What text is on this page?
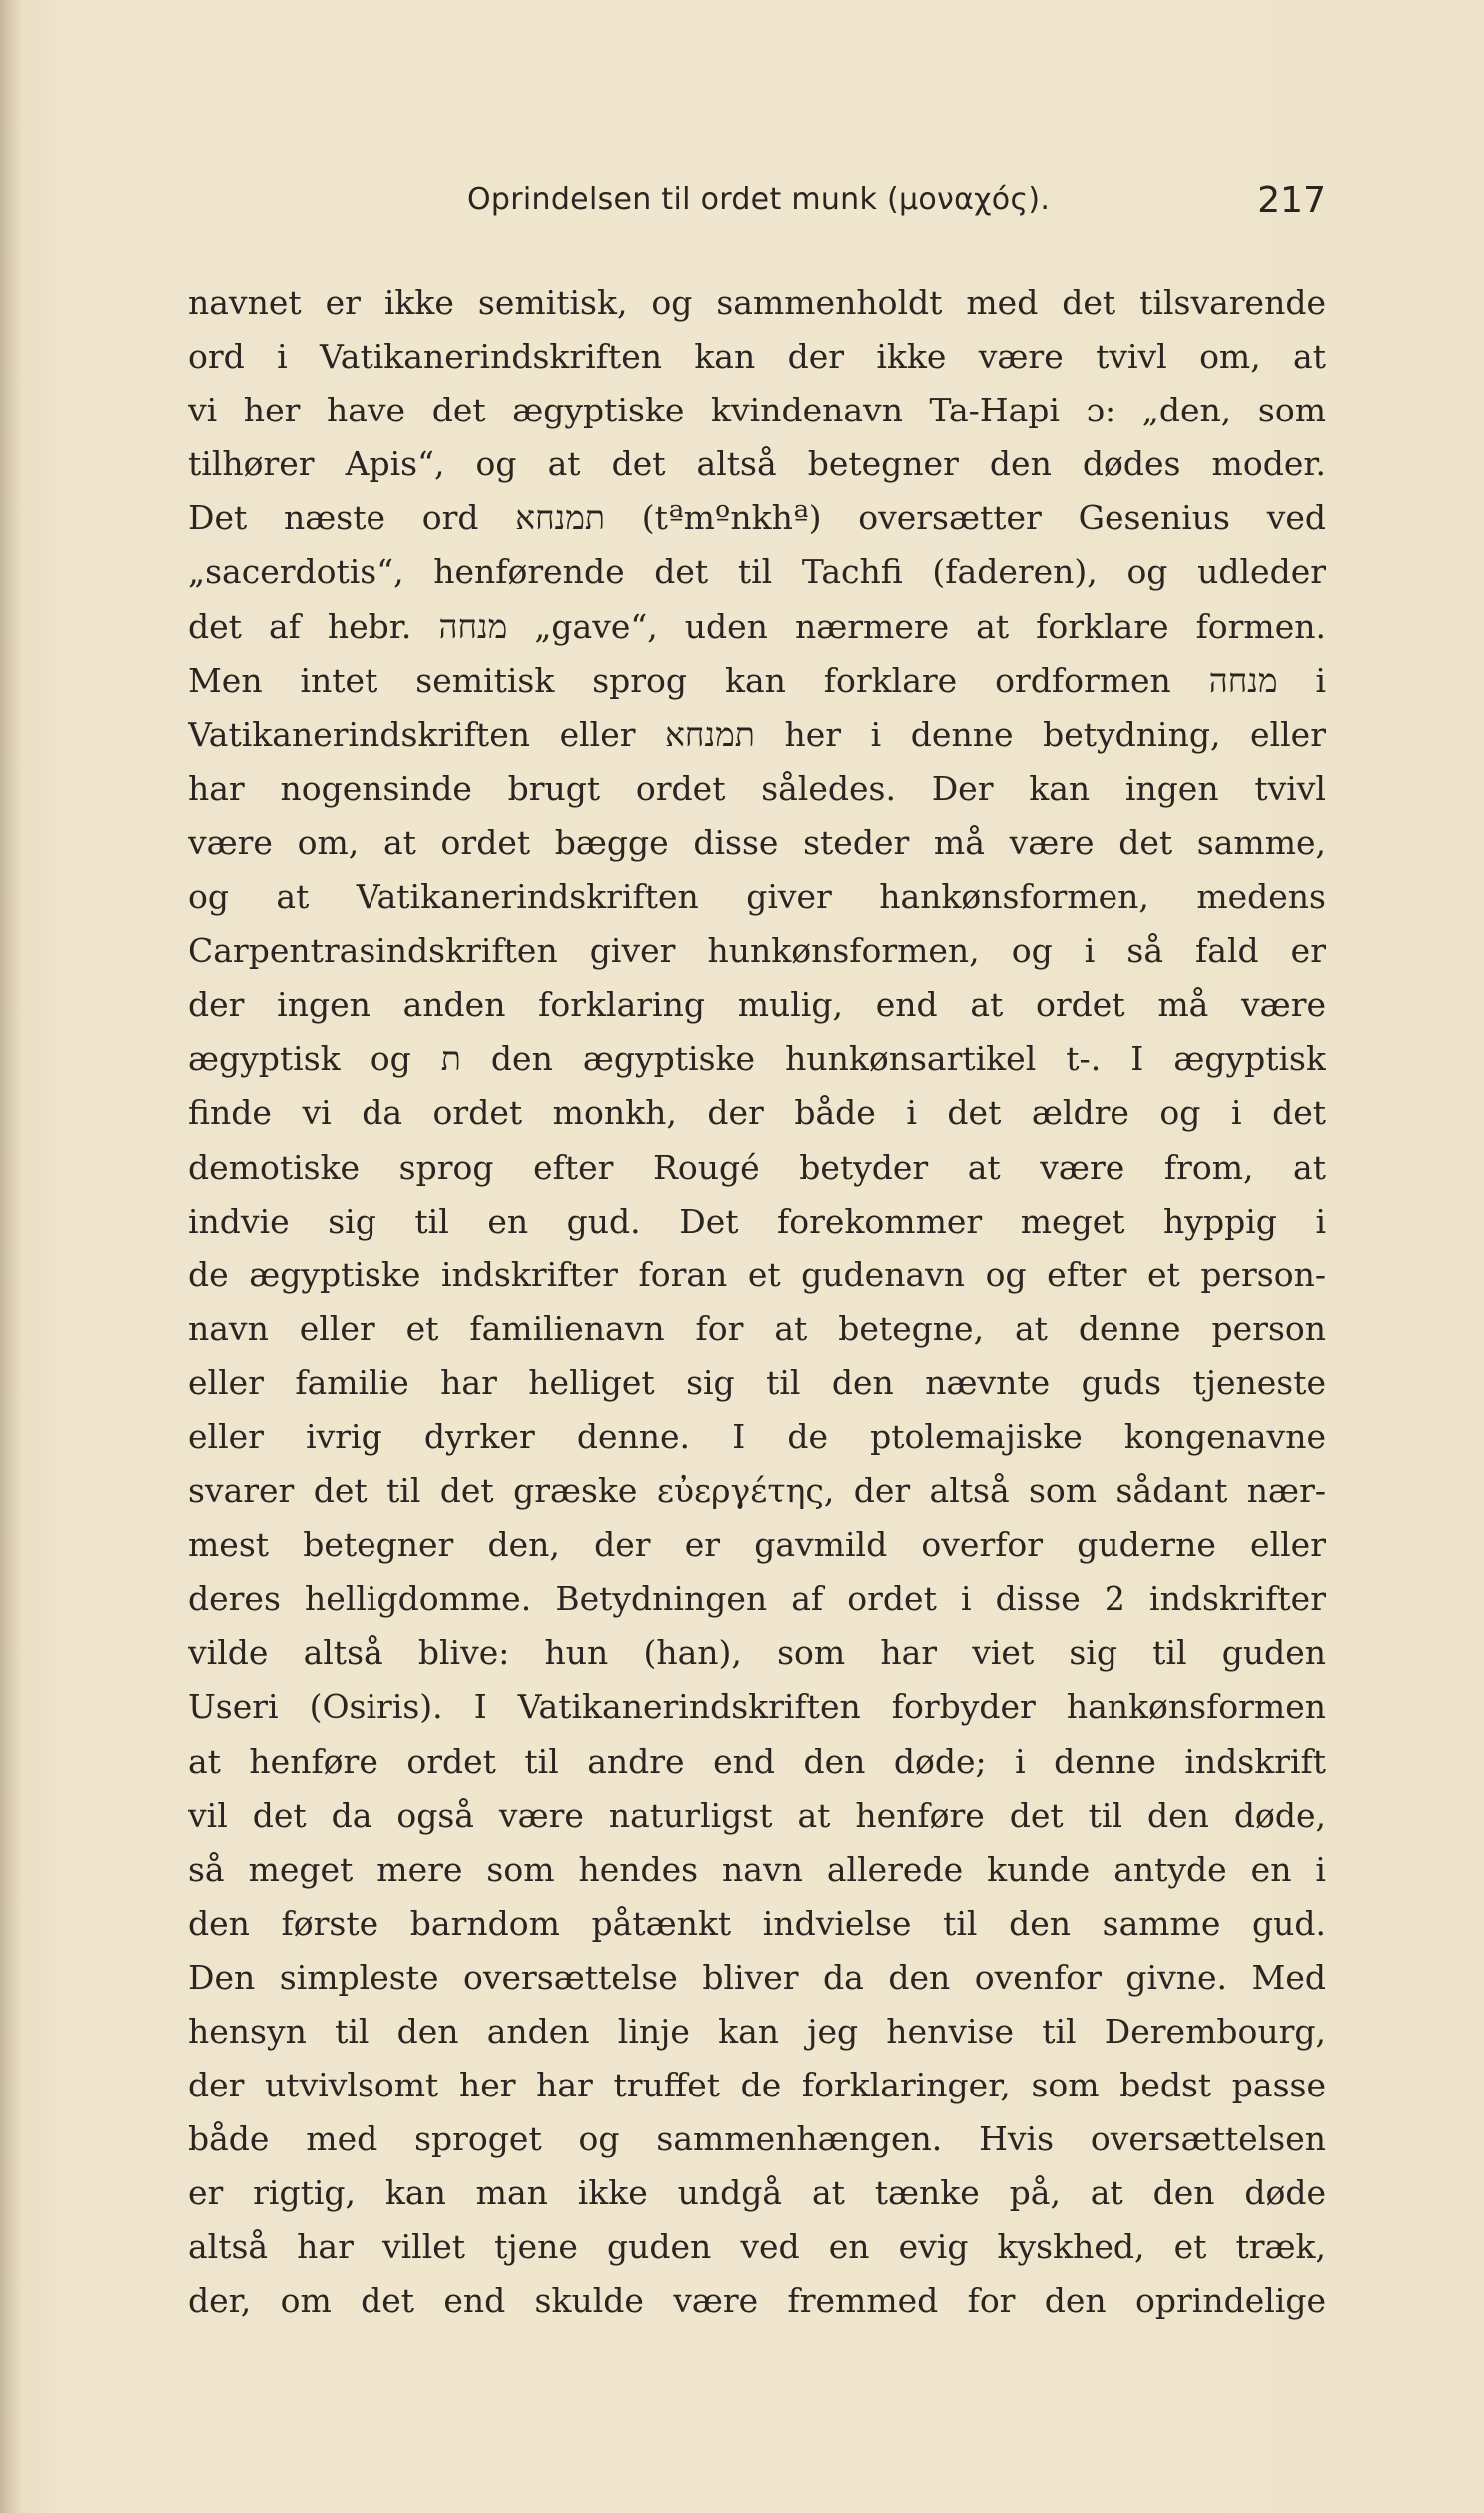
Oprindelsen til ordet munk (μοναχός).	217
navnet er ikke semitisk, og sammenholdt med det tilsvarende
ord i Vatikanerindskriften kan der ikke være tvivl om, at
vi her have det ægyptiske kvindenavn Ta-Hapi ɔ: „den, som
tilhører Apis“, og at det altså betegner den dødes moder.
Det næste ord תמנחא (tªmºnkhª) oversætter Gesenius ved
„sacerdotis“, henførende det til Tachfi (faderen), og udleder
det af hebr. מנחה „gave“, uden nærmere at forklare formen.
Men intet semitisk sprog kan forklare ordformen מנחה i
Vatikanerindskriften eller תמנחא her i denne betydning, eller
har nogensinde brugt ordet således. Der kan ingen tvivl
være om, at ordet bægge disse steder må være det samme,
og at Vatikanerindskriften giver hankønsformen, medens
Carpentrasindskriften giver hunkønsformen, og i så fald er
der ingen anden forklaring mulig, end at ordet må være
ægyptisk og ת den ægyptiske hunkønsartikel t-. I ægyptisk
finde vi da ordet monkh, der både i det ældre og i det
demotiske sprog efter Rougé betyder at være from, at
indvie sig til en gud. Det forekommer meget hyppig i
de ægyptiske indskrifter foran et gudenavn og efter et person-
navn eller et familienavn for at betegne, at denne person
eller familie har helliget sig til den nævnte guds tjeneste
eller ivrig dyrker denne. I de ptolemajiske kongenavne
svarer det til det græske εὐεργέτης, der altså som sådant nær-
mest betegner den, der er gavmild overfor guderne eller
deres helligdomme. Betydningen af ordet i disse 2 indskrifter
vilde altså blive: hun (han), som har viet sig til guden
Useri (Osiris). I Vatikanerindskriften forbyder hankønsformen
at henføre ordet til andre end den døde; i denne indskrift
vil det da også være naturligst at henføre det til den døde,
så meget mere som hendes navn allerede kunde antyde en i
den første barndom påtænkt indvielse til den samme gud.
Den simpleste oversættelse bliver da den ovenfor givne. Med
hensyn til den anden linje kan jeg henvise til Derembourg,
der utvivlsomt her har truffet de forklaringer, som bedst passe
både med sproget og sammenhængen. Hvis oversættelsen
er rigtig, kan man ikke undgå at tænke på, at den døde
altså har villet tjene guden ved en evig kyskhed, et træk,
der, om det end skulde være fremmed for den oprindelige
